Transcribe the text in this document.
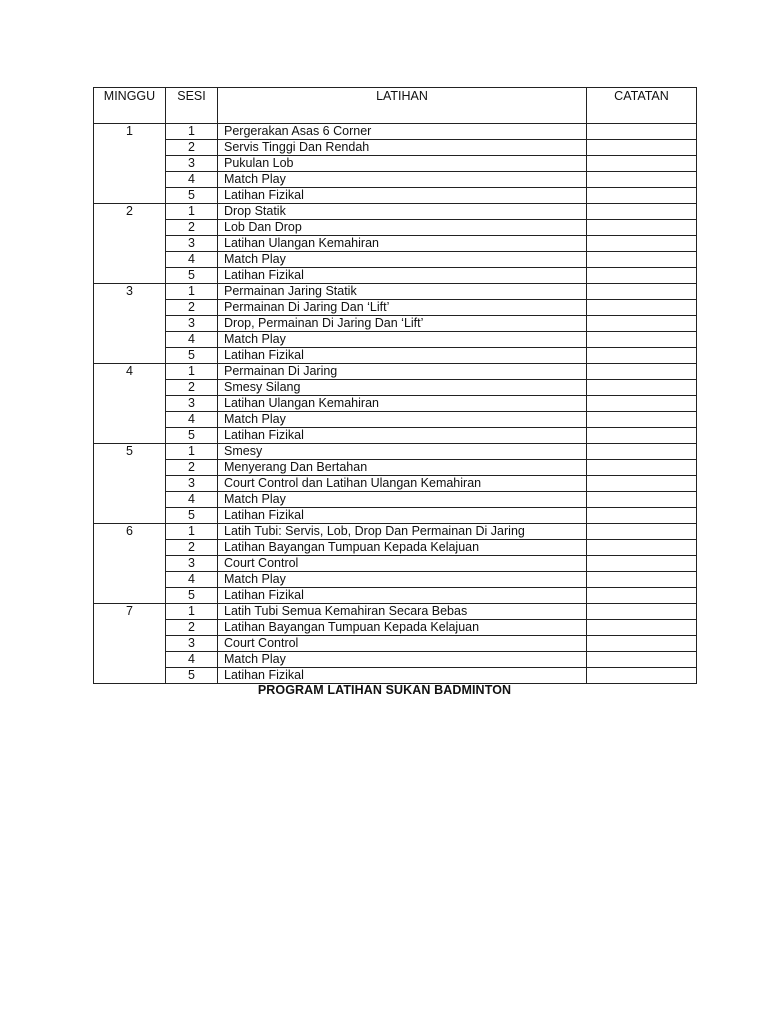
MINGGU	SESI	LATIHAN	CATATAN
1	1	Pergerakan Asas 6 Corner	
	2	Servis Tinggi Dan Rendah	
	3	Pukulan Lob	
	4	Match Play	
	5	Latihan Fizikal	
2	1	Drop Statik	
	2	Lob Dan Drop	
	3	Latihan Ulangan Kemahiran	
	4	Match Play	
	5	Latihan Fizikal	
3	1	Permainan Jaring Statik	
	2	Permainan Di Jaring Dan ‘Lift’	
	3	Drop, Permainan Di Jaring Dan ‘Lift’	
	4	Match Play	
	5	Latihan Fizikal	
4	1	Permainan Di Jaring	
	2	Smesy Silang	
	3	Latihan Ulangan Kemahiran	
	4	Match Play	
	5	Latihan Fizikal	
5	1	Smesy	
	2	Menyerang Dan Bertahan	
	3	Court Control dan Latihan Ulangan Kemahiran	
	4	Match Play	
	5	Latihan Fizikal	
6	1	Latih Tubi: Servis, Lob, Drop Dan Permainan Di Jaring	
	2	Latihan Bayangan Tumpuan Kepada Kelajuan	
	3	Court Control	
	4	Match Play	
	5	Latihan Fizikal	
7	1	Latih Tubi Semua Kemahiran Secara Bebas	
	2	Latihan Bayangan Tumpuan Kepada Kelajuan	
	3	Court Control	
	4	Match Play	
	5	Latihan Fizikal	
PROGRAM LATIHAN SUKAN BADMINTON
